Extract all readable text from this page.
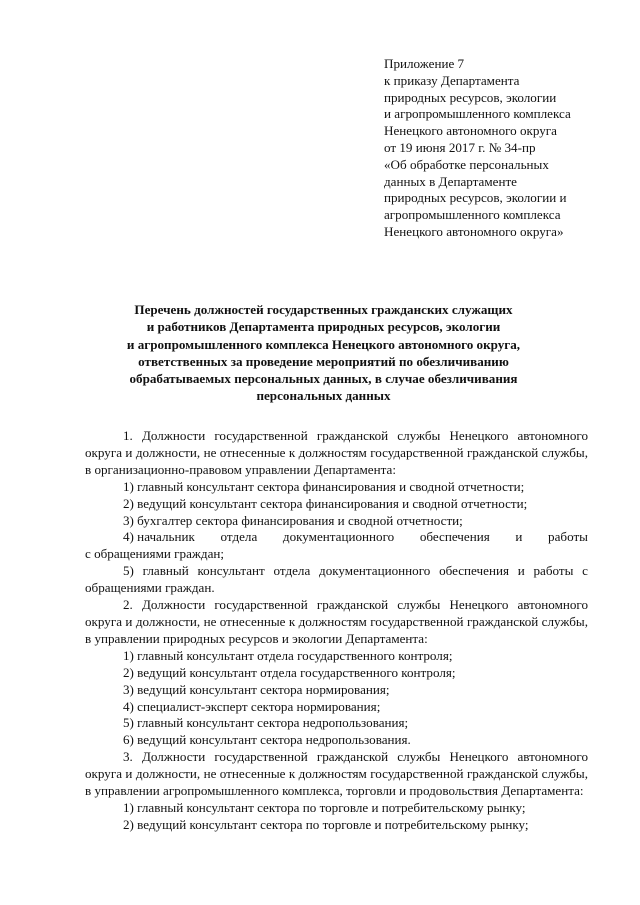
Приложение 7
к приказу Департамента
природных ресурсов, экологии
и агропромышленного комплекса
Ненецкого автономного округа
от 19 июня 2017 г. № 34-пр
«Об обработке персональных
данных в Департаменте
природных ресурсов, экологии и
агропромышленного комплекса
Ненецкого автономного округа»
Перечень должностей государственных гражданских служащих
и работников Департамента природных ресурсов, экологии
и агропромышленного комплекса Ненецкого автономного округа,
ответственных за проведение мероприятий по обезличиванию
обрабатываемых персональных данных, в случае обезличивания
персональных данных
1. Должности государственной гражданской службы Ненецкого автономного округа и должности, не отнесенные к должностям государственной гражданской службы, в организационно-правовом управлении Департамента:
1) главный консультант сектора финансирования и сводной отчетности;
2) ведущий консультант сектора финансирования и сводной отчетности;
3) бухгалтер сектора финансирования и сводной отчетности;
4) начальник отдела документационного обеспечения и работы
с обращениями граждан;
5) главный консультант отдела документационного обеспечения и работы с обращениями граждан.
2. Должности государственной гражданской службы Ненецкого автономного округа и должности, не отнесенные к должностям государственной гражданской службы, в управлении природных ресурсов и экологии Департамента:
1) главный консультант отдела государственного контроля;
2) ведущий консультант отдела государственного контроля;
3) ведущий консультант сектора нормирования;
4) специалист-эксперт сектора нормирования;
5) главный консультант сектора недропользования;
6) ведущий консультант сектора недропользования.
3. Должности государственной гражданской службы Ненецкого автономного округа и должности, не отнесенные к должностям государственной гражданской службы, в управлении агропромышленного комплекса, торговли и продовольствия Департамента:
1) главный консультант сектора по торговле и потребительскому рынку;
2) ведущий консультант сектора по торговле и потребительскому рынку;
